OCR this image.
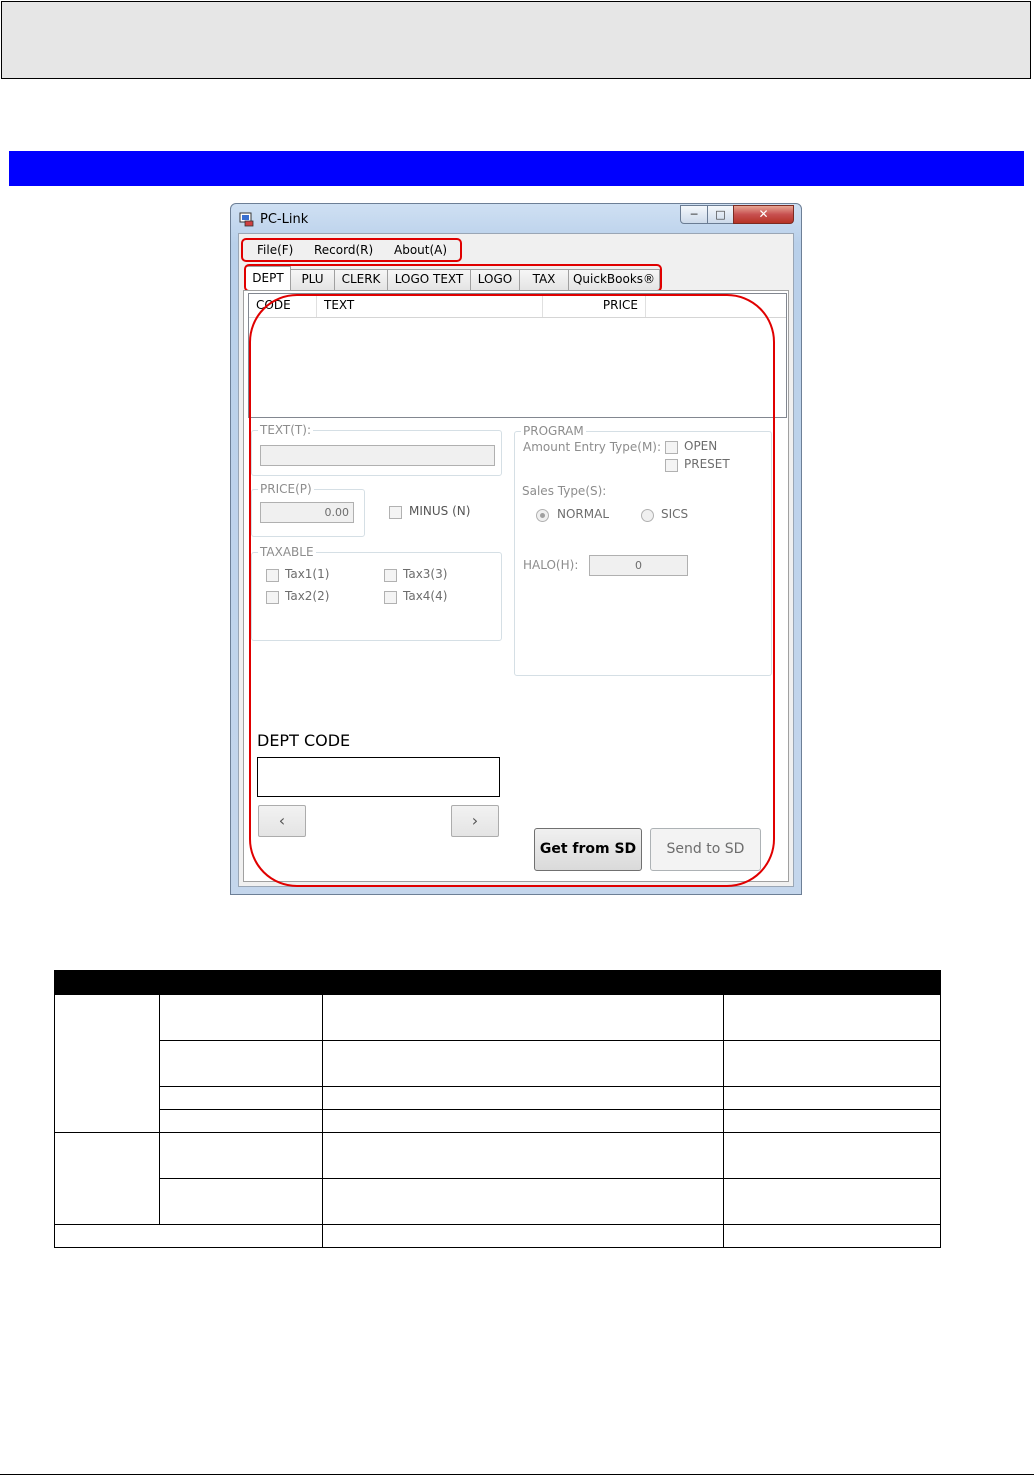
PC-Link	─	□	✕
File(F) Record(R) About(A)
PLU	CLERK	LOGO TEXT	LOGO	TAX	QuickBooks®
DEPT
CODE	TEXT	PRICE
TEXT(T):
PRICE(P)
0.00	MINUS (N)
TAXABLE
Tax1(1)	Tax3(3)
Tax2(2)	Tax4(4)
PROGRAM
Amount Entry Type(M): OPEN
PRESET
Sales Type(S):
NORMAL	SICS
HALO(H):	0
DEPT CODE
‹	›
Get from SD	Send to SD
